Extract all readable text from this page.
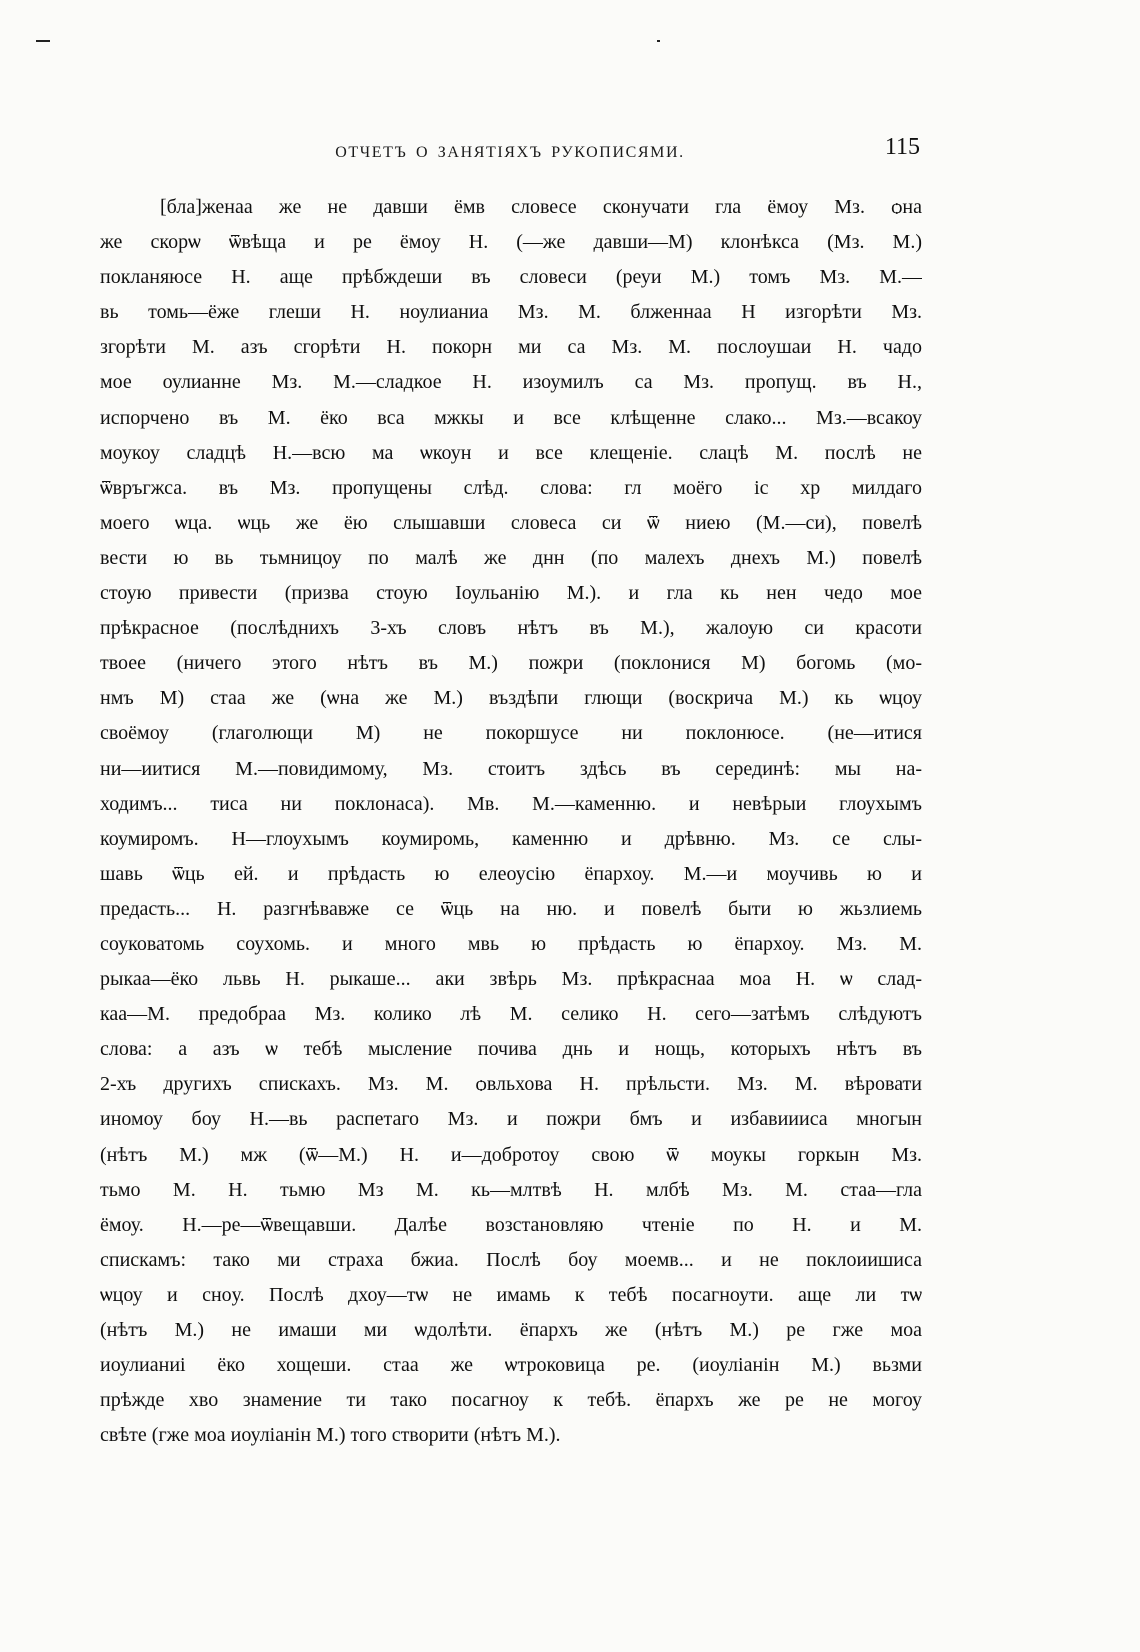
ОТЧЕТЪ О ЗАНЯТІЯХЪ РУКОПИСЯМИ.	115
[бла]женаа же не давши ёмв словесе сконучати гла ёмоу Мз. ѻна
же скорѡ ѿвѣща и ре ёмоу Н. (—же давши—М) клонѣкса (Мз. М.)
покланяюсе Н. аще прѣбждеши въ словеси (реуи М.) томъ Мз. М.—
вь томь—ёже глеши Н. ноулианиа Мз. М. блженнаа Н изгорѣти Мз.
згорѣти М. азъ сгорѣти Н. покорн ми са Мз. М. послоушаи Н. чадо
мое оулианне Мз. М.—сладкое Н. изоумилъ са Мз. пропущ. въ Н.,
испорчено въ М. ёко вса мжкы и все клѣщенне слако... Мз.—всакоу
моукоу сладцѣ Н.—всю ма ѡкоун и все клещеніе. слацѣ М. послѣ не
ѿвръгжса. въ Мз. пропущены слѣд. слова: гл моёго іс хр милдаго
моего ѡца. ѡць же ёю слышавши словеса си ѿ ниею (М.—си), повелѣ
вести ю вь тьмницоу по малѣ же днн (по малехъ днехъ М.) повелѣ
стоую привести (призва стоую Іоульанію М.). и гла кь нен чедо мое
прѣкрасное (послѣднихъ 3-хъ словъ нѣтъ въ М.), жалоую си красоти
твоее (ничего этого нѣтъ въ М.) пожри (поклонися М) богомь (мо-
нмъ М) стаа же (ѡна же М.) въздѣпи глющи (воскрича М.) кь ѡцоу
своёмоу (глаголющи М) не покоршусе ни поклонюсе. (не—итися
ни—иитися М.—повидимому, Мз. стоитъ здѣсь въ серединѣ: мы на-
ходимъ... тиса ни поклонаса). Мв. М.—каменню. и невѣрыи глоухымъ
коумиромъ. Н—глоухымъ коумиромь, каменню и дрѣвню. Мз. се слы-
шавь ѿць ей. и прѣдасть ю елеоусію ёпархоу. М.—и моучивь ю и
предасть... Н. разгнѣвавже се ѿць на ню. и повелѣ быти ю жьзлиемь
соуковатомь соухомь. и много мвь ю прѣдасть ю ёпархоу. Мз. М.
рыкаа—ёко львь Н. рыкаше... аки звѣрь Мз. прѣкраснаа моа Н. ѡ слад-
каа—М. предобраа Мз. колико лѣ М. селико Н. сего—затѣмъ слѣдуютъ
слова: а азъ ѡ тебѣ мысление почива днь и нощь, которыхъ нѣтъ въ
2-хъ другихъ спискахъ. Мз. М. ѻвльхова Н. прѣльсти. Мз. М. вѣровати
иномоу боу Н.—вь распетаго Мз. и пожри бмъ и избавиииса многын
(нѣтъ М.) мж (ѿ—М.) Н. и—добротоу свою ѿ моукы горкын Мз.
тьмо М. Н. тьмю Мз М. кь—млтвѣ Н. млбѣ Мз. М. стаа—гла
ёмоу. Н.—ре—ѿвещавши. Далѣе возстановляю чтеніе по Н. и М.
спискамъ: тако ми страха бжиа. Послѣ боу моемв... и не поклоиишиса
ѡцоу и снoу. Послѣ дхоу—тѡ не имамь к тебѣ посагноути. аще ли тѡ
(нѣтъ М.) не имаши ми ѡдолѣти. ёпархъ же (нѣтъ М.) ре гже моа
иоулианиі ёко хощеши. стаа же ѡтроковица ре. (иоуліанін М.) вьзми
прѣжде хво знамение ти тако посагноу к тебѣ. ёпархъ же ре не могоу
свѣте (гже моа иоуліанін М.) того створити (нѣтъ М.).
